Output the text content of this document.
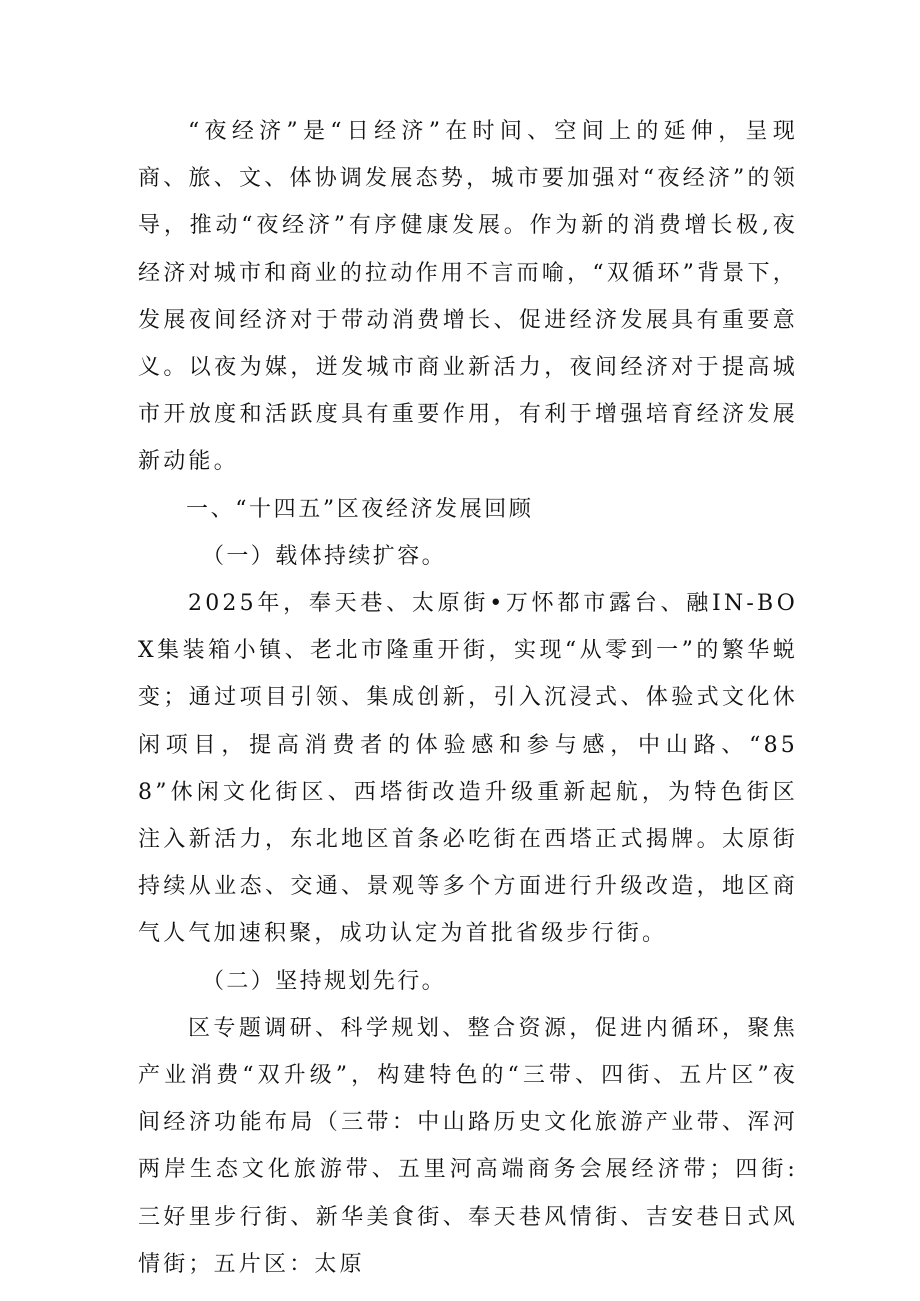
“夜经济”是“日经济”在时间、空间上的延伸，呈现商、旅、文、体协调发展态势，城市要加强对“夜经济”的领导，推动“夜经济”有序健康发展。作为新的消费增长极,夜经济对城市和商业的拉动作用不言而喻，“双循环”背景下，发展夜间经济对于带动消费增长、促进经济发展具有重要意义。以夜为媒，迸发城市商业新活力，夜间经济对于提高城市开放度和活跃度具有重要作用，有利于增强培育经济发展新动能。

一、“十四五”区夜经济发展回顾

（一）载体持续扩容。

2025年，奉天巷、太原街•万怀都市露台、融IN-BOX集装箱小镇、老北市隆重开街，实现“从零到一”的繁华蜕变；通过项目引领、集成创新，引入沉浸式、体验式文化休闲项目，提高消费者的体验感和参与感，中山路、“858”休闲文化街区、西塔街改造升级重新起航，为特色街区注入新活力，东北地区首条必吃街在西塔正式揭牌。太原街持续从业态、交通、景观等多个方面进行升级改造，地区商气人气加速积聚，成功认定为首批省级步行街。

（二）坚持规划先行。

区专题调研、科学规划、整合资源，促进内循环，聚焦产业消费“双升级”，构建特色的“三带、四街、五片区”夜间经济功能布局（三带：中山路历史文化旅游产业带、浑河两岸生态文化旅游带、五里河高端商务会展经济带；四街:三好里步行街、新华美食街、奉天巷风情街、吉安巷日式风情街；五片区：太原
